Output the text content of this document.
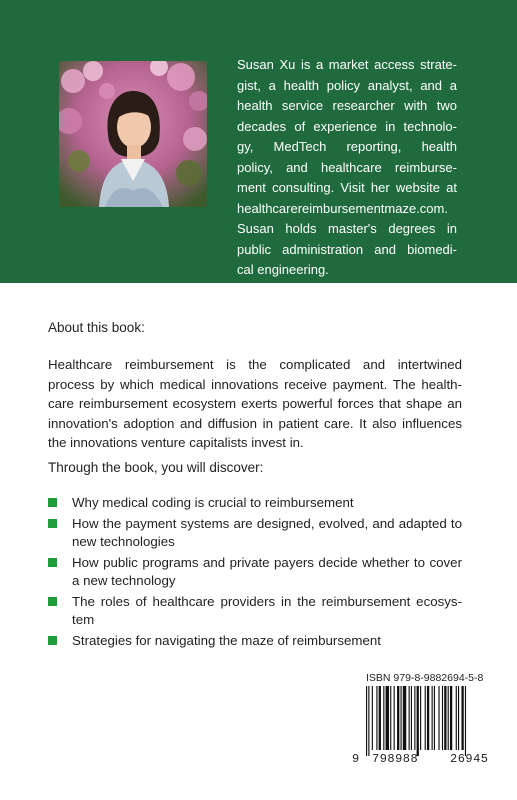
Susan Xu is a market access strate-
gist, a health policy analyst, and a
health service researcher with two
decades of experience in technolo-
gy, MedTech reporting, health
policy, and healthcare reimburse-
ment consulting. Visit her website at
healthcarereimbursementmaze.com.
Susan holds master's degrees in
public administration and biomedi-
cal engineering.
About this book:
Healthcare reimbursement is the complicated and intertwined
process by which medical innovations receive payment. The health-
care reimbursement ecosystem exerts powerful forces that shape an
innovation's adoption and diffusion in patient care. It also influences
the innovations venture capitalists invest in.
Through the book, you will discover:
Why medical coding is crucial to reimbursement
How the payment systems are designed, evolved, and adapted to
new technologies
How public programs and private payers decide whether to cover
a new technology
The roles of healthcare providers in the reimbursement ecosys-
tem
Strategies for navigating the maze of reimbursement
ISBN 979-8-9882694-5-8
9 798988	26945
